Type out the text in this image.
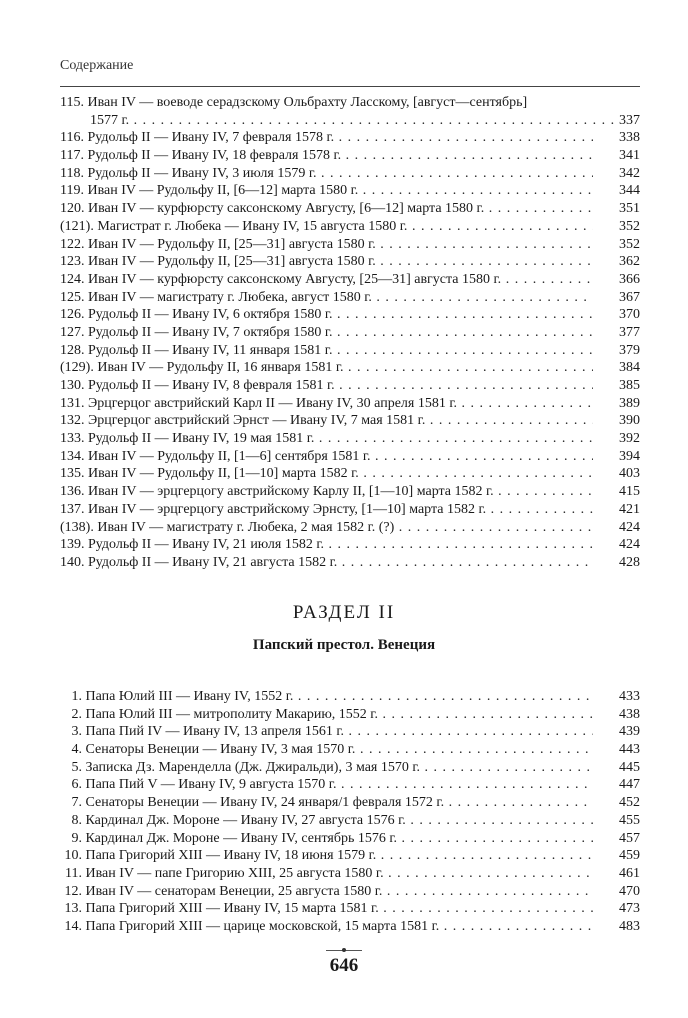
Содержание
115. Иван IV — воеводе серадзскому Ольбрахту Ласскому, [август—сентябрь]
1577 г. . . .	337
116. Рудольф II — Ивану IV, 7 февраля 1578 г. . . .	338
117. Рудольф II — Ивану IV, 18 февраля 1578 г. . . .	341
118. Рудольф II — Ивану IV, 3 июля 1579 г. . . .	342
119. Иван IV — Рудольфу II, [6—12] марта 1580 г. . . .	344
120. Иван IV — курфюрсту саксонскому Августу, [6—12] марта 1580 г. . . .	351
(121). Магистрат г. Любека — Ивану IV, 15 августа 1580 г. . . .	352
122. Иван IV — Рудольфу II, [25—31] августа 1580 г. . . .	352
123. Иван IV — Рудольфу II, [25—31] августа 1580 г. . . .	362
124. Иван IV — курфюрсту саксонскому Августу, [25—31] августа 1580 г. . . .	366
125. Иван IV — магистрату г. Любека, август 1580 г. . . .	367
126. Рудольф II — Ивану IV, 6 октября 1580 г. . . .	370
127. Рудольф II — Ивану IV, 7 октября 1580 г. . . .	377
128. Рудольф II — Ивану IV, 11 января 1581 г. . . .	379
(129). Иван IV — Рудольфу II, 16 января 1581 г. . . .	384
130. Рудольф II — Ивану IV, 8 февраля 1581 г. . . .	385
131. Эрцгерцог австрийский Карл II — Ивану IV, 30 апреля 1581 г. . . .	389
132. Эрцгерцог австрийский Эрнст — Ивану IV, 7 мая 1581 г. . . .	390
133. Рудольф II — Ивану IV, 19 мая 1581 г. . . .	392
134. Иван IV — Рудольфу II, [1—6] сентября 1581 г. . . .	394
135. Иван IV — Рудольфу II, [1—10] марта 1582 г. . . .	403
136. Иван IV — эрцгерцогу австрийскому Карлу II, [1—10] марта 1582 г. . . .	415
137. Иван IV — эрцгерцогу австрийскому Эрнсту, [1—10] марта 1582 г. . . .	421
(138). Иван IV — магистрату г. Любека, 2 мая 1582 г. (?) . . .	424
139. Рудольф II — Ивану IV, 21 июля 1582 г. . . .	424
140. Рудольф II — Ивану IV, 21 августа 1582 г. . . .	428
РАЗДЕЛ II
Папский престол. Венеция
1. Папа Юлий III — Ивану IV, 1552 г. . . .	433
2. Папа Юлий III — митрополиту Макарию, 1552 г. . . .	438
3. Папа Пий IV — Ивану IV, 13 апреля 1561 г. . . .	439
4. Сенаторы Венеции — Ивану IV, 3 мая 1570 г. . . .	443
5. Записка Дз. Маренделла (Дж. Джиральди), 3 мая 1570 г. . . .	445
6. Папа Пий V — Ивану IV, 9 августа 1570 г. . . .	447
7. Сенаторы Венеции — Ивану IV, 24 января/1 февраля 1572 г. . . .	452
8. Кардинал Дж. Мороне — Ивану IV, 27 августа 1576 г. . . .	455
9. Кардинал Дж. Мороне — Ивану IV, сентябрь 1576 г. . . .	457
10. Папа Григорий XIII — Ивану IV, 18 июня 1579 г. . . .	459
11. Иван IV — папе Григорию XIII, 25 августа 1580 г. . . .	461
12. Иван IV — сенаторам Венеции, 25 августа 1580 г. . . .	470
13. Папа Григорий XIII — Ивану IV, 15 марта 1581 г. . . .	473
14. Папа Григорий XIII — царице московской, 15 марта 1581 г. . . .	483
646
